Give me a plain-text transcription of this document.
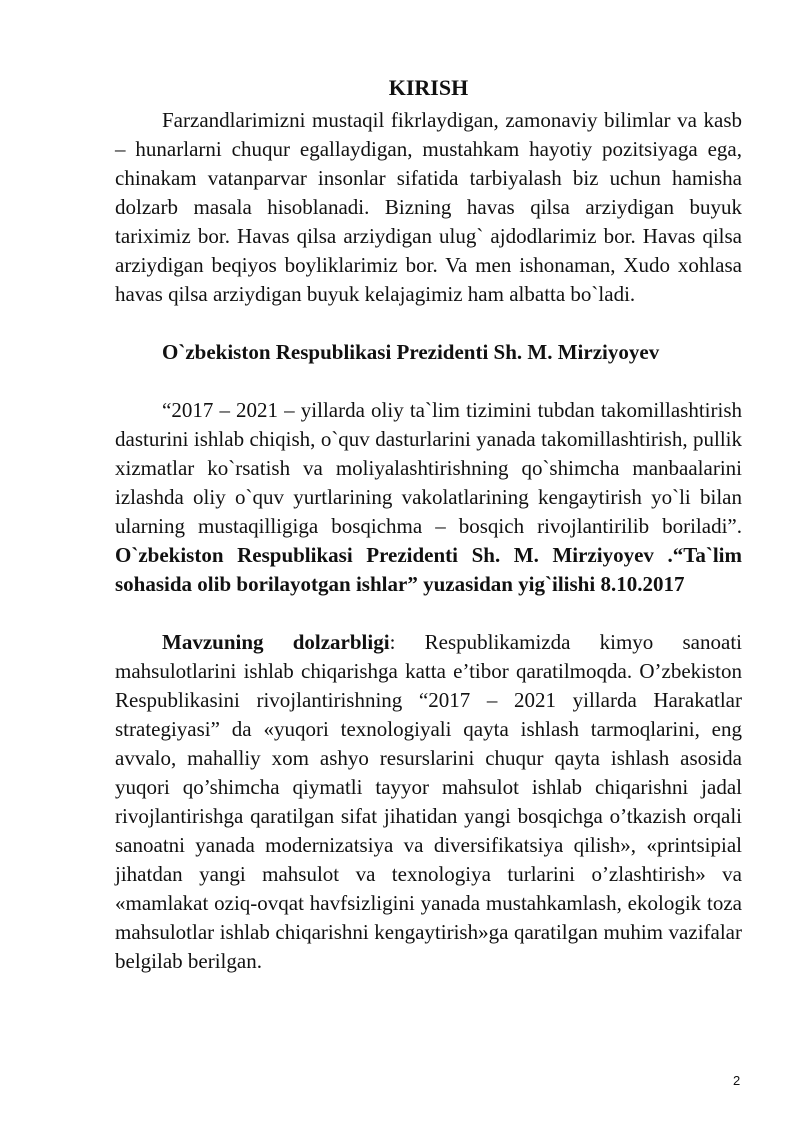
KIRISH

Farzandlarimizni mustaqil fikrlaydigan, zamonaviy bilimlar va kasb – hunarlarni chuqur egallaydigan, mustahkam hayotiy pozitsiyaga ega, chinakam vatanparvar insonlar sifatida tarbiyalash biz uchun hamisha dolzarb masala hisoblanadi. Bizning havas qilsa arziydigan buyuk tariximiz bor. Havas qilsa arziydigan ulug` ajdodlarimiz bor. Havas qilsa arziydigan beqiyos boyliklarimiz bor. Va men ishonaman, Xudo xohlasa havas qilsa arziydigan buyuk kelajagimiz ham albatta bo`ladi.

O`zbekiston Respublikasi Prezidenti Sh. M. Mirziyoyev

“2017 – 2021 – yillarda oliy ta`lim tizimini tubdan takomillashtirish dasturini ishlab chiqish, o`quv dasturlarini yanada takomillashtirish, pullik xizmatlar ko`rsatish va moliyalashtirishning qo`shimcha manbaalarini izlashda oliy o`quv yurtlarining vakolatlarining kengaytirish yo`li bilan ularning mustaqilligiga bosqichma – bosqich rivojlantirilib boriladi”. O`zbekiston Respublikasi Prezidenti Sh. M. Mirziyoyev .“Ta`lim sohasida olib borilayotgan ishlar” yuzasidan yig`ilishi 8.10.2017

Mavzuning dolzarbligi: Respublikamizda kimyo sanoati mahsulotlarini ishlab chiqarishga katta e’tibor qaratilmoqda. O’zbekiston Respublikasini rivojlantirishning “2017 – 2021 yillarda Harakatlar strategiyasi” da «yuqori texnologiyali qayta ishlash tarmoqlarini, eng avvalo, mahalliy xom ashyo resurslarini chuqur qayta ishlash asosida yuqori qo’shimcha qiymatli tayyor mahsulot ishlab chiqarishni jadal rivojlantirishga qaratilgan sifat jihatidan yangi bosqichga o’tkazish orqali sanoatni yanada modernizatsiya va diversifikatsiya qilish», «printsipial jihatdan yangi mahsulot va texnologiya turlarini o’zlashtirish» va «mamlakat oziq-ovqat havfsizligini yanada mustahkamlash, ekologik toza mahsulotlar ishlab chiqarishni kengaytirish»ga qaratilgan muhim vazifalar belgilab berilgan.

2
